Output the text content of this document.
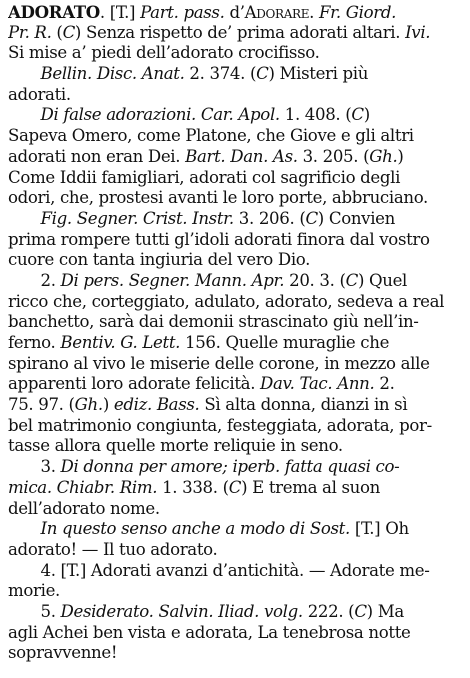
ADORATO. [T.] Part. pass. d’Adorare. Fr. Giord.
Pr. R. (C) Senza rispetto de’ prima adorati altari. Ivi.
Si mise a’ piedi dell’adorato crocifisso.
  Bellin. Disc. Anat. 2. 374. (C) Misteri più
adorati.
  Di false adorazioni. Car. Apol. 1. 408. (C)
Sapeva Omero, come Platone, che Giove e gli altri
adorati non eran Dei. Bart. Dan. As. 3. 205. (Gh.)
Come Iddii famigliari, adorati col sagrificio degli
odori, che, prostesi avanti le loro porte, abbruciano.
  Fig. Segner. Crist. Instr. 3. 206. (C) Convien
prima rompere tutti gl’idoli adorati finora dal vostro
cuore con tanta ingiuria del vero Dio.
  2. Di pers. Segner. Mann. Apr. 20. 3. (C) Quel
ricco che, corteggiato, adulato, adorato, sedeva a real
banchetto, sarà dai demonii strascinato giù nell’in-
ferno. Bentiv. G. Lett. 156. Quelle muraglie che
spirano al vivo le miserie delle corone, in mezzo alle
apparenti loro adorate felicità. Dav. Tac. Ann. 2.
75. 97. (Gh.) ediz. Bass. Sì alta donna, dianzi in sì
bel matrimonio congiunta, festeggiata, adorata, por-
tasse allora quelle morte reliquie in seno.
  3. Di donna per amore; iperb. fatta quasi co-
mica. Chiabr. Rim. 1. 338. (C) E trema al suon
dell’adorato nome.
  In questo senso anche a modo di Sost. [T.] Oh
adorato! — Il tuo adorato.
  4. [T.] Adorati avanzi d’antichità. — Adorate me-
morie.
  5. Desiderato. Salvin. Iliad. volg. 222. (C) Ma
agli Achei ben vista e adorata, La tenebrosa notte
sopravvenne!
